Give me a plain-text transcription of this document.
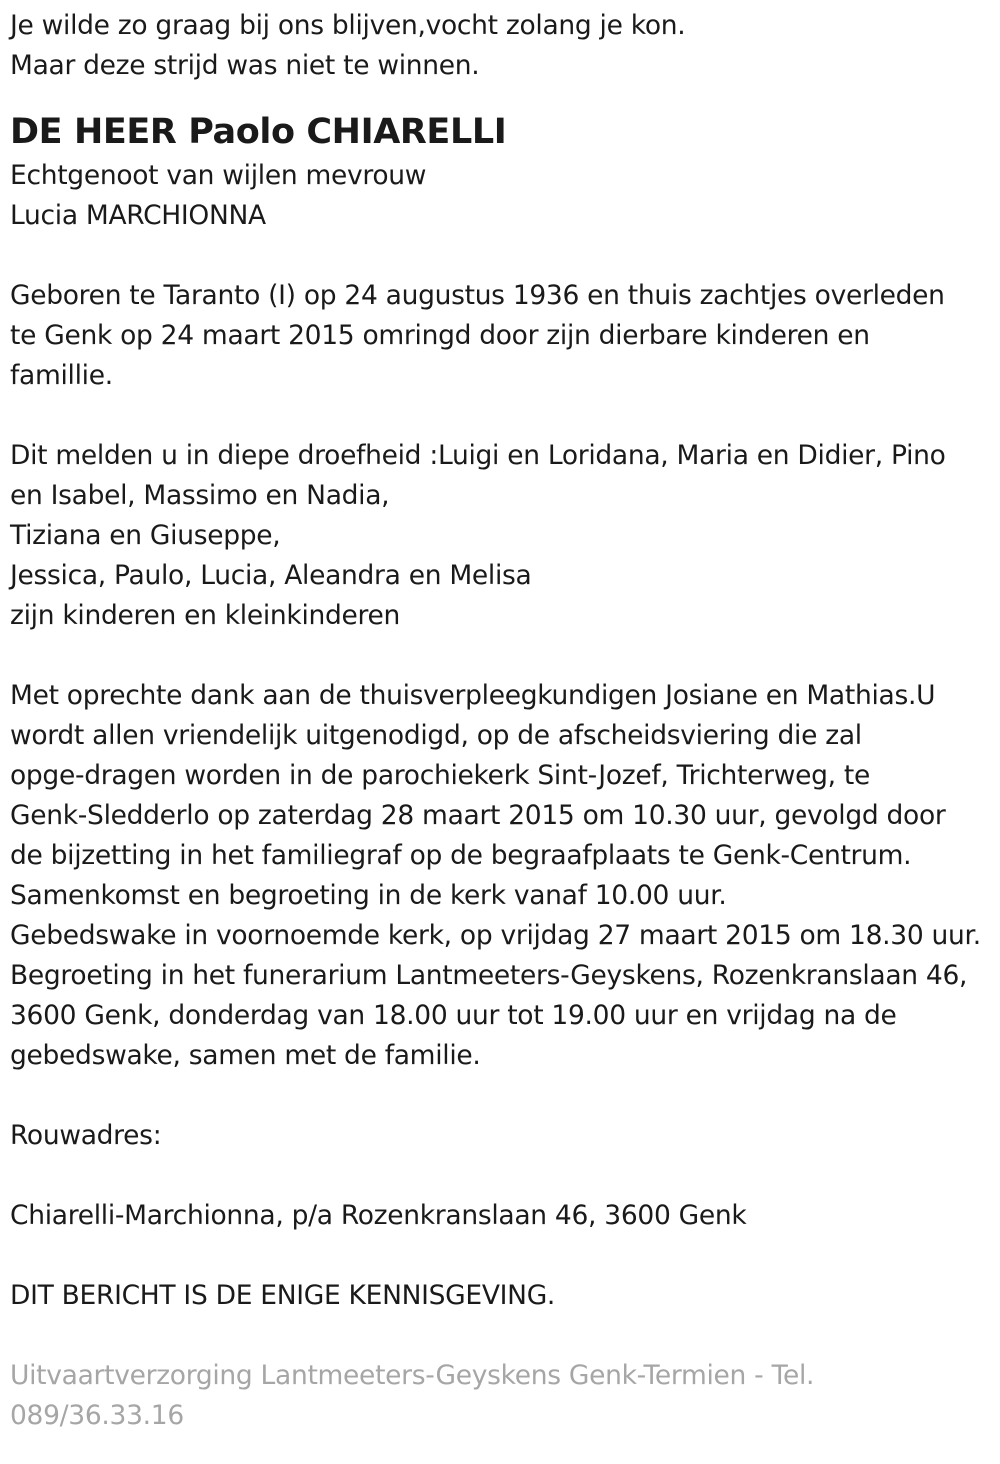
Je wilde zo graag bij ons blijven,vocht zolang je kon.
Maar deze strijd was niet te winnen.
DE HEER Paolo CHIARELLI
Echtgenoot van wijlen mevrouw
Lucia MARCHIONNA
Geboren te Taranto (I) op 24 augustus 1936 en thuis zachtjes overleden
te Genk op 24 maart 2015 omringd door zijn dierbare kinderen en
famillie.
Dit melden u in diepe droefheid :Luigi en Loridana, Maria en Didier, Pino
en Isabel, Massimo en Nadia,
Tiziana en Giuseppe,
Jessica, Paulo, Lucia, Aleandra en Melisa
zijn kinderen en kleinkinderen
Met oprechte dank aan de thuisverpleegkundigen Josiane en Mathias.U
wordt allen vriendelijk uitgenodigd, op de afscheidsviering die zal
opge-dragen worden in de parochiekerk Sint-Jozef, Trichterweg, te
Genk-Sledderlo op zaterdag 28 maart 2015 om 10.30 uur, gevolgd door
de bijzetting in het familiegraf op de begraafplaats te Genk-Centrum.
Samenkomst en begroeting in de kerk vanaf 10.00 uur.
Gebedswake in voornoemde kerk, op vrijdag 27 maart 2015 om 18.30 uur.
Begroeting in het funerarium Lantmeeters-Geyskens, Rozenkranslaan 46,
3600 Genk, donderdag van 18.00 uur tot 19.00 uur en vrijdag na de
gebedswake, samen met de familie.
Rouwadres:
Chiarelli-Marchionna, p/a Rozenkranslaan 46, 3600 Genk
DIT BERICHT IS DE ENIGE KENNISGEVING.
Uitvaartverzorging Lantmeeters-Geyskens Genk-Termien - Tel.
089/36.33.16
